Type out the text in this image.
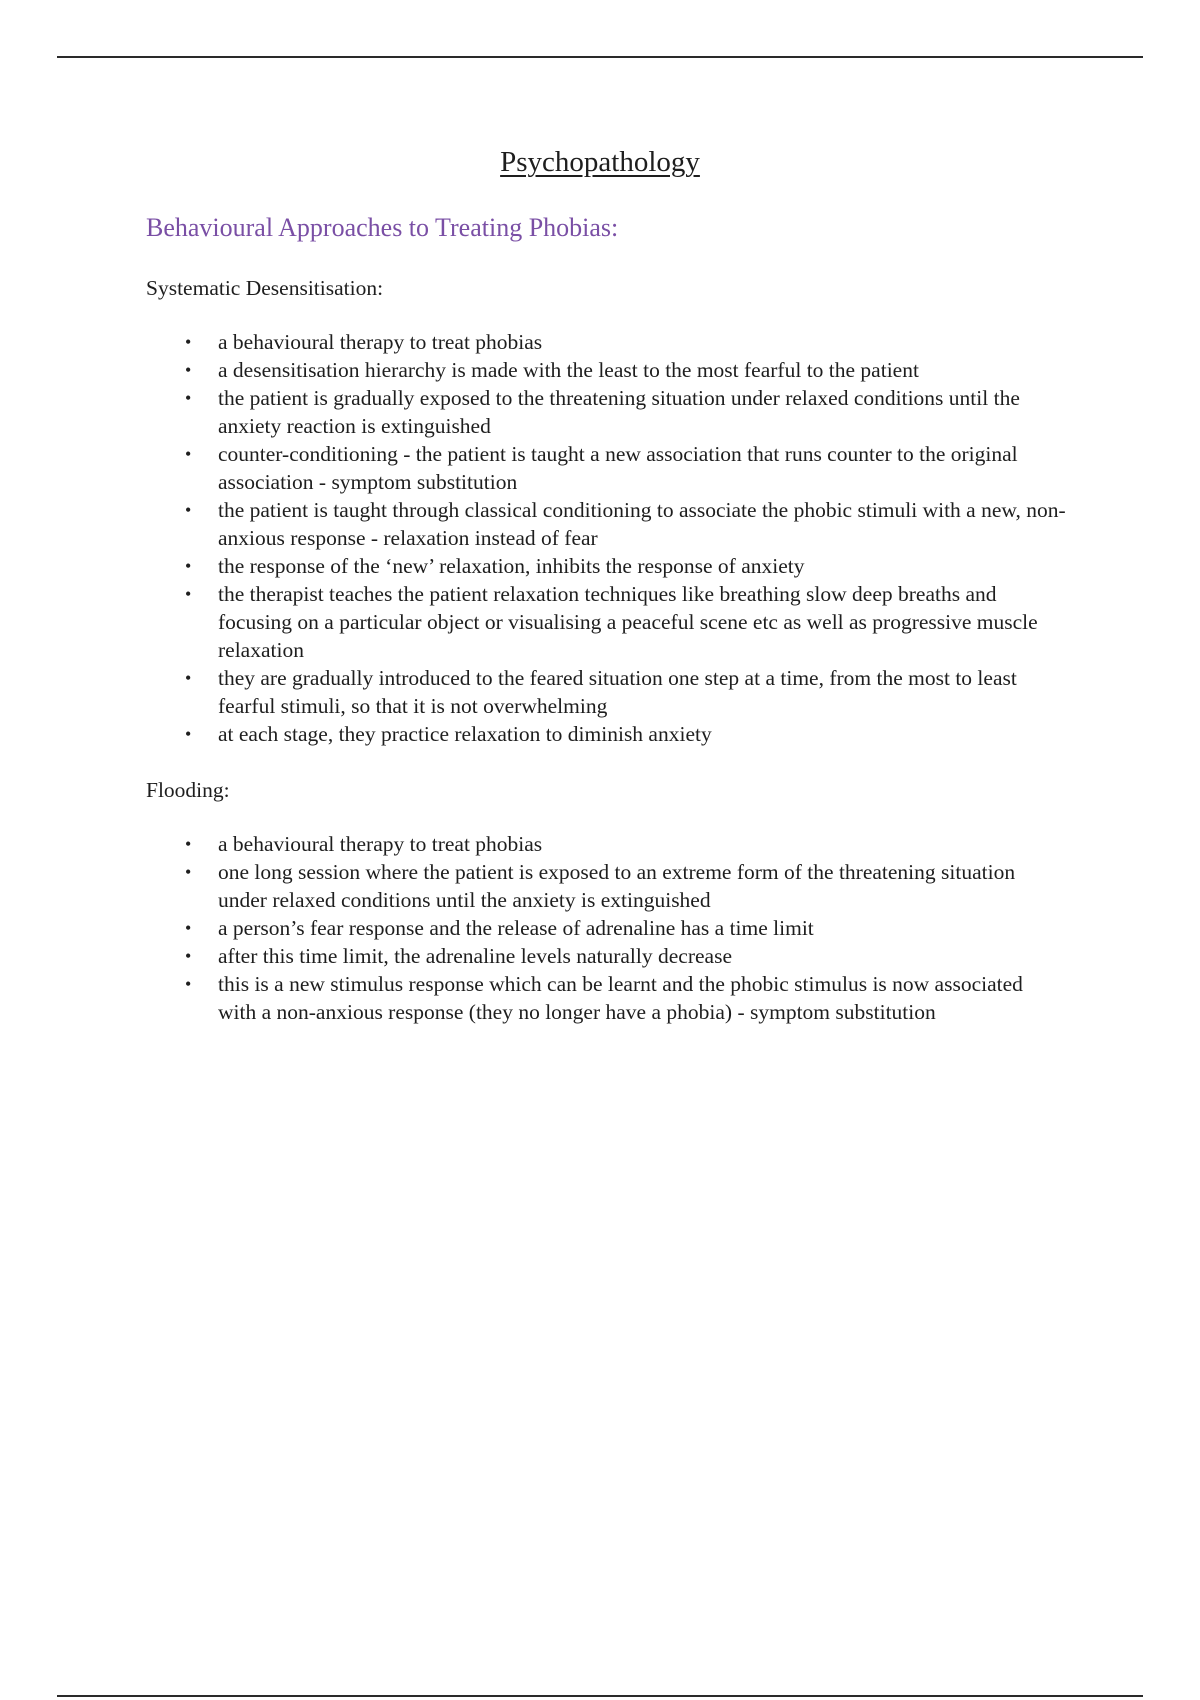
Psychopathology
Behavioural Approaches to Treating Phobias:

Systematic Desensitisation:

• a behavioural therapy to treat phobias
• a desensitisation hierarchy is made with the least to the most fearful to the patient
• the patient is gradually exposed to the threatening situation under relaxed conditions until the anxiety reaction is extinguished
• counter-conditioning - the patient is taught a new association that runs counter to the original association - symptom substitution
• the patient is taught through classical conditioning to associate the phobic stimuli with a new, non-anxious response - relaxation instead of fear
• the response of the ‘new’ relaxation, inhibits the response of anxiety
• the therapist teaches the patient relaxation techniques like breathing slow deep breaths and focusing on a particular object or visualising a peaceful scene etc as well as progressive muscle relaxation
• they are gradually introduced to the feared situation one step at a time, from the most to least fearful stimuli, so that it is not overwhelming
• at each stage, they practice relaxation to diminish anxiety

Flooding:

• a behavioural therapy to treat phobias
• one long session where the patient is exposed to an extreme form of the threatening situation under relaxed conditions until the anxiety is extinguished
• a person’s fear response and the release of adrenaline has a time limit
• after this time limit, the adrenaline levels naturally decrease
• this is a new stimulus response which can be learnt and the phobic stimulus is now associated with a non-anxious response (they no longer have a phobia) - symptom substitution
